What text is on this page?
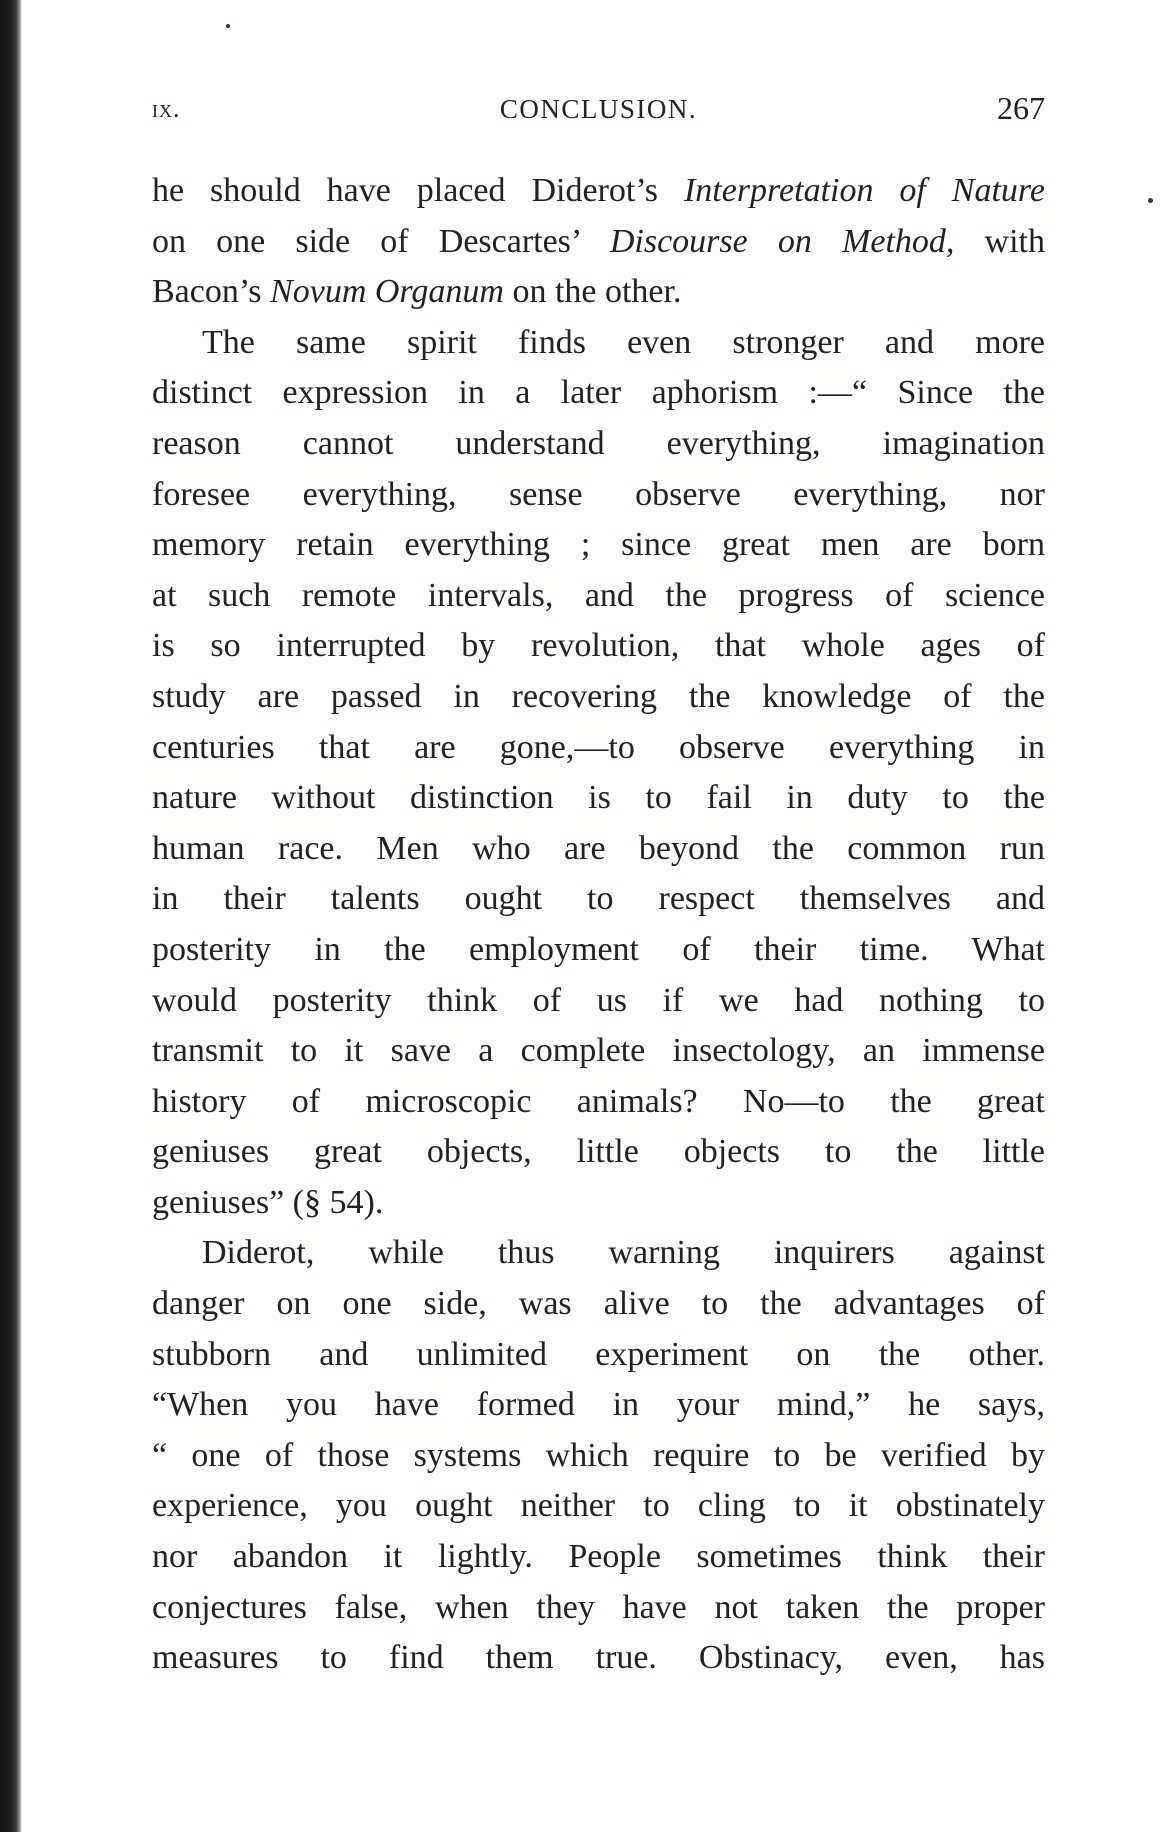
ix.	CONCLUSION.	267
he should have placed Diderot’s Interpretation of Nature
on one side of Descartes’ Discourse on Method, with
Bacon’s Novum Organum on the other.
The same spirit finds even stronger and more
distinct expression in a later aphorism :—“ Since the
reason cannot understand everything, imagination
foresee everything, sense observe everything, nor
memory retain everything ; since great men are born
at such remote intervals, and the progress of science
is so interrupted by revolution, that whole ages of
study are passed in recovering the knowledge of the
centuries that are gone,—to observe everything in
nature without distinction is to fail in duty to the
human race. Men who are beyond the common run
in their talents ought to respect themselves and
posterity in the employment of their time. What
would posterity think of us if we had nothing to
transmit to it save a complete insectology, an immense
history of microscopic animals? No—to the great
geniuses great objects, little objects to the little
geniuses” (§ 54).
Diderot, while thus warning inquirers against
danger on one side, was alive to the advantages of
stubborn and unlimited experiment on the other.
“When you have formed in your mind,” he says,
“ one of those systems which require to be verified by
experience, you ought neither to cling to it obstinately
nor abandon it lightly. People sometimes think their
conjectures false, when they have not taken the proper
measures to find them true. Obstinacy, even, has
